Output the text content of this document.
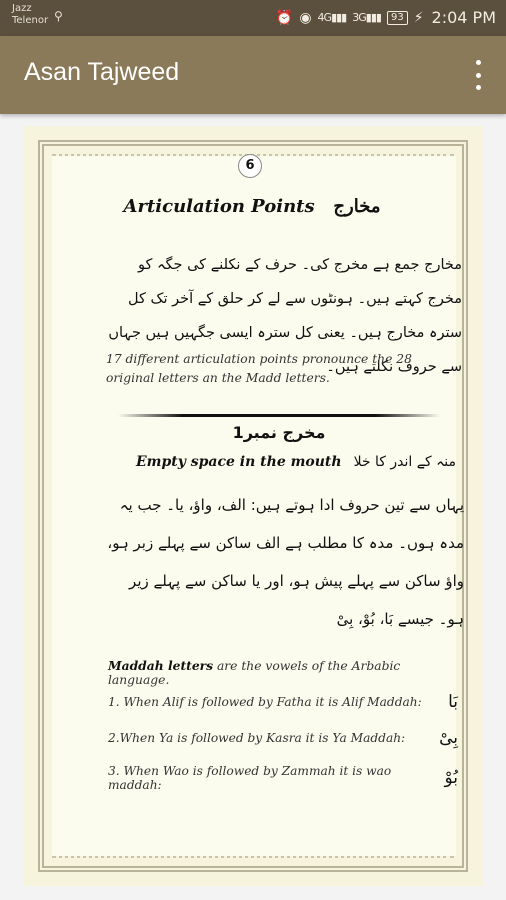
Jazz
Telenor ⚲	⏰ ◉ 4G▮▮▮ 3G▮▮▮	93 ⚡ 2:04 PM
Asan Tajweed
6
Articulation Points مخارج
مخارج جمع ہے مخرج کی۔ حرف کے نکلنے کی جگہ کو مخرج کہتے ہیں۔ ہونٹوں سے لے کر حلق کے آخر تک کل سترہ مخارج ہیں۔ یعنی کل سترہ ایسی جگہیں ہیں جہاں سے حروف نکلتے ہیں۔
17 different articulation points pronounce the 28 original letters an the Madd letters.
مخرج نمبر1
Empty space in the mouth منہ کے اندر کا خلا
یہاں سے تین حروف ادا ہوتے ہیں: الف، واؤ، یا۔ جب یہ مدہ ہوں۔ مدہ کا مطلب ہے الف ساکن سے پہلے زبر ہو، واؤ ساکن سے پہلے پیش ہو، اور یا ساکن سے پہلے زیر ہو۔ جیسے بَا، بُوْ، بِیْ
Maddah letters are the vowels of the Arbabic language.
1. When Alif is followed by Fatha it is Alif Maddah: بَا
2.When Ya is followed by Kasra it is Ya Maddah: بِیْ
3. When Wao is followed by Zammah it is wao maddah:	بُوْ
